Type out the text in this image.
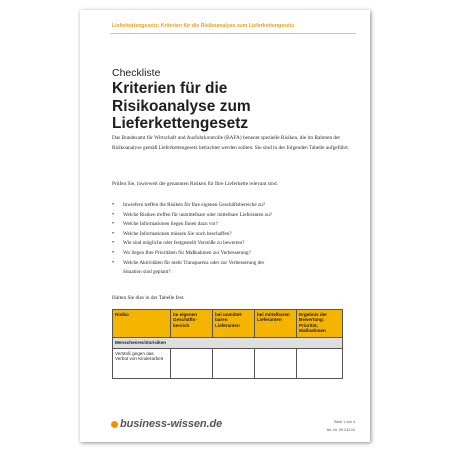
Lieferkettengesetz: Kriterien für die Risikoanalyse zum Lieferkettengesetz
Checkliste
Kriterien für die Risikoanalyse zum Lieferkettengesetz

Das Bundesamt für Wirtschaft und Ausfuhrkontrolle (BAFA) benennt spezielle Risiken, die im Rahmen der Risikoanalyse gemäß Lieferkettengesetz betrachtet werden sollten. Sie sind in der folgenden Tabelle aufgeführt.

Prüfen Sie, inwieweit die genannten Risiken für Ihre Lieferkette relevant sind.

• Inwiefern treffen die Risiken für Ihre eigenen Geschäftsbereiche zu?
• Welche Risiken treffen für unmittelbare oder mittelbare Lieferanten zu?
• Welche Informationen liegen Ihnen dazu vor?
• Welche Informationen müssen Sie noch beschaffen?
• Wie sind mögliche oder festgestellt Verstöße zu bewerten?
• Wo liegen Ihre Prioritäten für Maßnahmen zur Verbesserung?
• Welche Aktivitäten für mehr Transparenz oder zur Verbesserung der Situation sind geplant?

Halten Sie dies in der Tabelle fest.

Risiko	im eigenen Geschäfts-bereich	bei unmittel-baren Lieferanten	bei mittelbaren Lieferanten	Ergebnis der Bewertung: Priorität, Maßnahmen
Menschenrechtsrisiken				
Verstoß gegen das Verbot von Kinderarbeit				
business-wissen.de	Seite 1 von 4
Art.-Nr. 99.243.04
